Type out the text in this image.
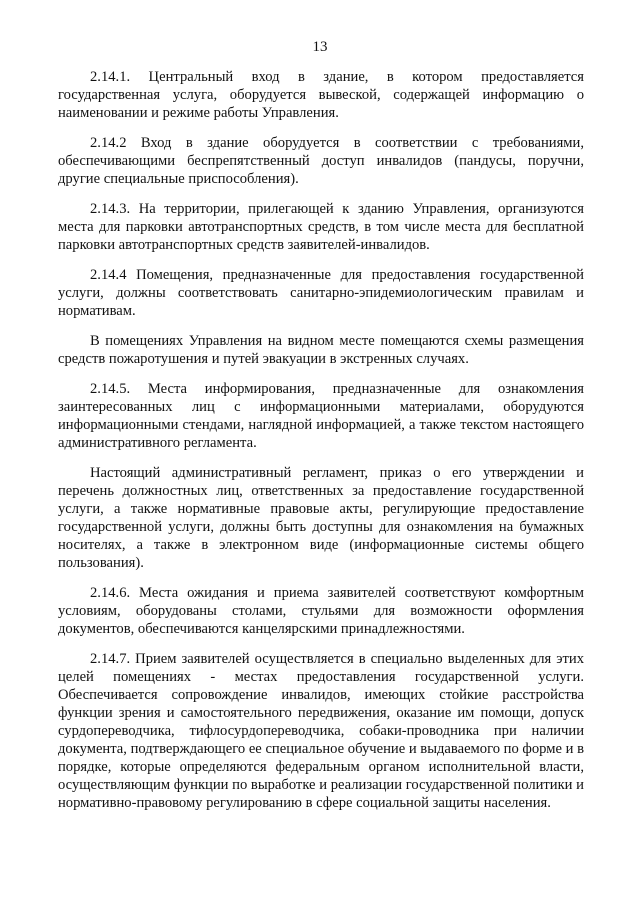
13

2.14.1. Центральный вход в здание, в котором предоставляется государственная услуга, оборудуется вывеской, содержащей информацию о наименовании и режиме работы Управления.

2.14.2 Вход в здание оборудуется в соответствии с требованиями, обеспечивающими беспрепятственный доступ инвалидов (пандусы, поручни, другие специальные приспособления).

2.14.3. На территории, прилегающей к зданию Управления, организуются места для парковки автотранспортных средств, в том числе места для бесплатной парковки автотранспортных средств заявителей-инвалидов.

2.14.4 Помещения, предназначенные для предоставления государственной услуги, должны соответствовать санитарно-эпидемиологическим правилам и нормативам.

В помещениях Управления на видном месте помещаются схемы размещения средств пожаротушения и путей эвакуации в экстренных случаях.

2.14.5. Места информирования, предназначенные для ознакомления заинтересованных лиц с информационными материалами, оборудуются информационными стендами, наглядной информацией, а также текстом настоящего административного регламента.

Настоящий административный регламент, приказ о его утверждении и перечень должностных лиц, ответственных за предоставление государственной услуги, а также нормативные правовые акты, регулирующие предоставление государственной услуги, должны быть доступны для ознакомления на бумажных носителях, а также в электронном виде (информационные системы общего пользования).

2.14.6. Места ожидания и приема заявителей соответствуют комфортным условиям, оборудованы столами, стульями для возможности оформления документов, обеспечиваются канцелярскими принадлежностями.

2.14.7. Прием заявителей осуществляется в специально выделенных для этих целей помещениях - местах предоставления государственной услуги. Обеспечивается сопровождение инвалидов, имеющих стойкие расстройства функции зрения и самостоятельного передвижения, оказание им помощи, допуск сурдопереводчика, тифлосурдопереводчика, собаки-проводника при наличии документа, подтверждающего ее специальное обучение и выдаваемого по форме и в порядке, которые определяются федеральным органом исполнительной власти, осуществляющим функции по выработке и реализации государственной политики и нормативно-правовому регулированию в сфере социальной защиты населения.
